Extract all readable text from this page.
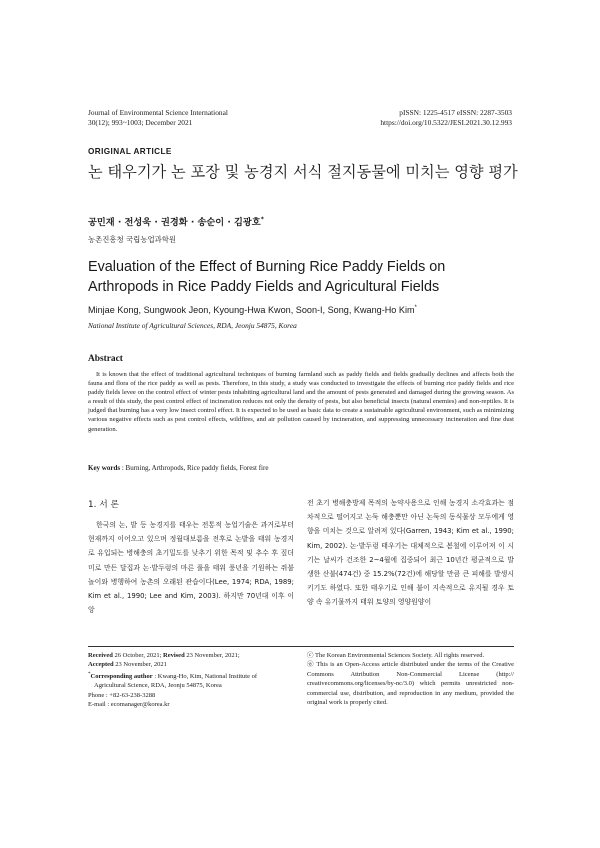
Journal of Environmental Science International
30(12); 993~1003; December 2021
pISSN: 1225-4517 eISSN: 2287-3503
https://doi.org/10.5322/JESI.2021.30.12.993
ORIGINAL ARTICLE
논 태우기가 논 포장 및 농경지 서식 절지동물에 미치는 영향 평가
공민재 · 전성욱 · 권경화 · 송순이 · 김광호*
농촌진흥청 국립농업과학원
Evaluation of the Effect of Burning Rice Paddy Fields on Arthropods in Rice Paddy Fields and Agricultural Fields
Minjae Kong, Sungwook Jeon, Kyoung-Hwa Kwon, Soon-I, Song, Kwang-Ho Kim*
National Institute of Agricultural Sciences, RDA, Jeonju 54875, Korea
Abstract
It is known that the effect of traditional agricultural techniques of burning farmland such as paddy fields and fields gradually declines and affects both the fauna and flora of the rice paddy as well as pests. Therefore, in this study, a study was conducted to investigate the effects of burning rice paddy fields and rice paddy fields levee on the control effect of winter pests inhabiting agricultural land and the amount of pests generated and damaged during the growing season. As a result of this study, the pest control effect of incineration reduces not only the density of pests, but also beneficial insects (natural enemies) and non-reptiles. It is judged that burning has a very low insect control effect. It is expected to be used as basic data to create a sustainable agricultural environment, such as minimizing various negative effects such as pest control effects, wildfires, and air pollution caused by incineration, and suppressing unnecessary incineration and fine dust generation.
Key words : Burning, Arthropods, Rice paddy fields, Forest fire
1. 서 론
한국의 논, 밭 등 농경지를 태우는 전통적 농업기술은 과거로부터 현재까지 이어오고 있으며 정월대보름을 전후로 논밭을 태워 농경지로 유입되는 병해충의 초기밀도를 낮추기 위한 목적 및 추수 후 짚더미로 만든 달집과 논·밭두렁의 마른 풀을 태워 풍년을 기원하는 쥐불놀이와 병행하여 농촌의 오래된 관습이다(Lee, 1974; RDA, 1989; Kim et al., 1990; Lee and Kim, 2003). 하지만 70년대 이후 이앙
전 초기 병해충방제 목적의 농약사용으로 인해 농경지 소각효과는 점차적으로 떨어지고 논둑 해충뿐만 아닌 논둑의 동식물상 모두에게 영향을 미치는 것으로 알려져 있다(Garren, 1943; Kim et al., 1990; Kim, 2002). 논·밭두렁 태우기는 대체적으로 봄철에 이루어져 이 시기는 날씨가 건조한 2~4월에 집중되어 최근 10년간 평균적으로 발생한 산불(474건) 중 15.2%(72건)에 해당할 만큼 큰 피해를 발생시키기도 하였다. 또한 태우기로 인해 불이 지속적으로 유지될 경우 토양 속 유기물까지 태워 토양의 영양원양이
Received 26 October, 2021; Revised 23 November, 2021;
Accepted 23 November, 2021
*Corresponding author : Kwang-Ho, Kim, National Institute of
Agricultural Science, RDA, Jeonju 54875, Korea
Phone : +82-63-238-3288
E-mail : ecomanager@korea.kr
ⓒ The Korean Environmental Sciences Society. All rights reserved.
㉭ This is an Open-Access article distributed under the terms of the Creative Commons Attribution Non-Commercial License (http:// creativecommons.org/licenses/by-nc/3.0) which permits unrestricted non-commercial use, distribution, and reproduction in any medium, provided the original work is properly cited.
